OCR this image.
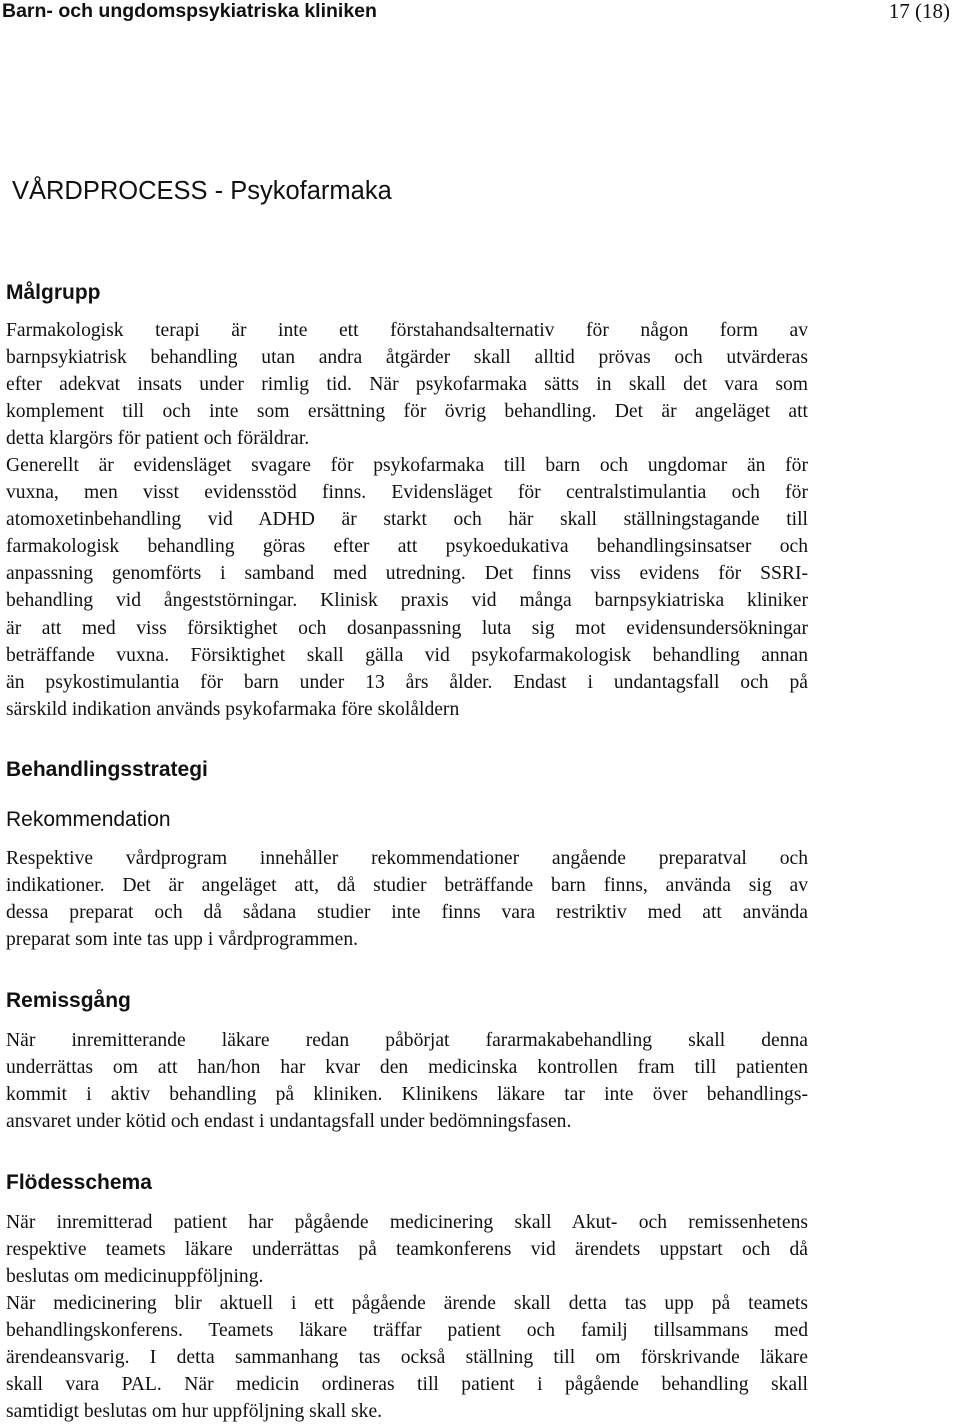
Barn- och ungdomspsykiatriska kliniken	17 (18)
VÅRDPROCESS - Psykofarmaka
Målgrupp
Farmakologisk terapi är inte ett förstahandsalternativ för någon form av
barnpsykiatrisk behandling utan andra åtgärder skall alltid prövas och utvärderas
efter adekvat insats under rimlig tid. När psykofarmaka sätts in skall det vara som
komplement till och inte som ersättning för övrig behandling. Det är angeläget att
detta klargörs för patient och föräldrar.
Generellt är evidensläget svagare för psykofarmaka till barn och ungdomar än för
vuxna, men visst evidensstöd finns. Evidensläget för centralstimulantia och för
atomoxetinbehandling vid ADHD är starkt och här skall ställningstagande till
farmakologisk behandling göras efter att psykoedukativa behandlingsinsatser och
anpassning genomförts i samband med utredning. Det finns viss evidens för SSRI-
behandling vid ångeststörningar. Klinisk praxis vid många barnpsykiatriska kliniker
är att med viss försiktighet och dosanpassning luta sig mot evidensundersökningar
beträffande vuxna. Försiktighet skall gälla vid psykofarmakologisk behandling annan
än psykostimulantia för barn under 13 års ålder. Endast i undantagsfall och på
särskild indikation används psykofarmaka före skolåldern
Behandlingsstrategi
Rekommendation
Respektive vårdprogram innehåller rekommendationer angående preparatval och
indikationer. Det är angeläget att, då studier beträffande barn finns, använda sig av
dessa preparat och då sådana studier inte finns vara restriktiv med att använda
preparat som inte tas upp i vårdprogrammen.
Remissgång
När inremitterande läkare redan påbörjat fararmakabehandling skall denna
underrättas om att han/hon har kvar den medicinska kontrollen fram till patienten
kommit i aktiv behandling på kliniken. Klinikens läkare tar inte över behandlings-
ansvaret under kötid och endast i undantagsfall under bedömningsfasen.
Flödesschema
När inremitterad patient har pågående medicinering skall Akut- och remissenhetens
respektive teamets läkare underrättas på teamkonferens vid ärendets uppstart och då
beslutas om medicinuppföljning.
När medicinering blir aktuell i ett pågående ärende skall detta tas upp på teamets
behandlingskonferens. Teamets läkare träffar patient och familj tillsammans med
ärendeansvarig. I detta sammanhang tas också ställning till om förskrivande läkare
skall vara PAL. När medicin ordineras till patient i pågående behandling skall
samtidigt beslutas om hur uppföljning skall ske.
